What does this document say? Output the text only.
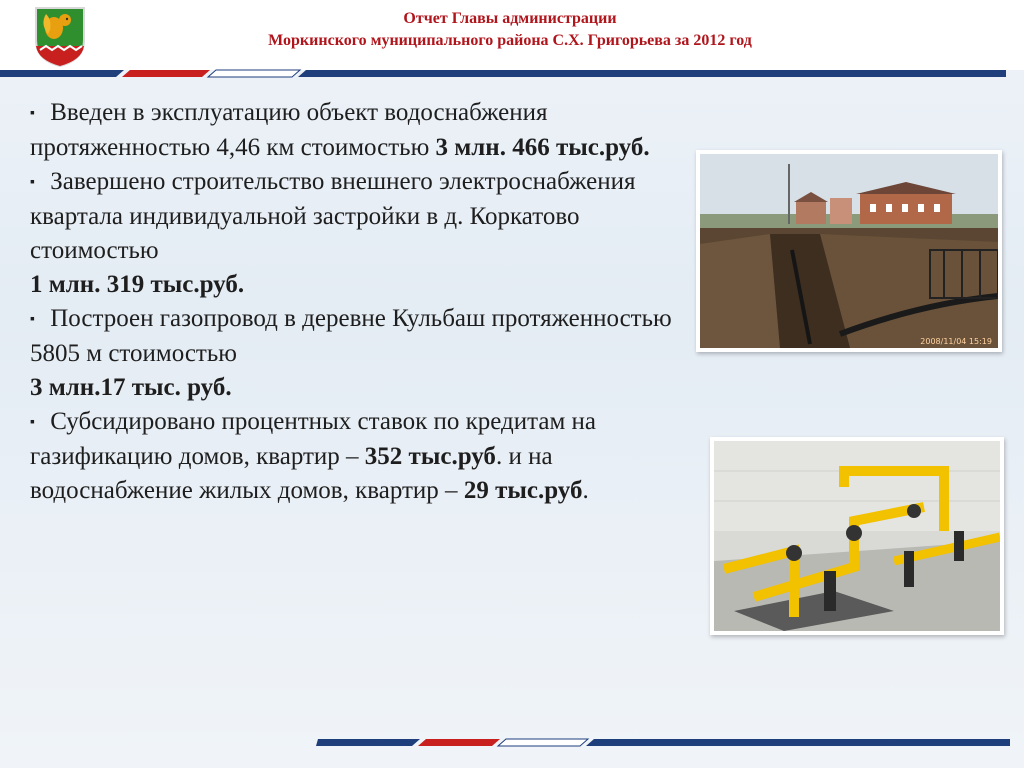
Отчет Главы администрации
Моркинского муниципального района С.Х. Григорьева за 2012 год

▪ Введен в эксплуатацию объект водоснабжения протяженностью 4,46 км стоимостью 3 млн. 466 тыс.руб.

▪ Завершено строительство внешнего электроснабжения квартала индивидуальной застройки в д. Коркатово стоимостью
1 млн. 319 тыс.руб.

▪ Построен газопровод в деревне Кульбаш протяженностью 5805 м стоимостью
3 млн.17 тыс. руб.

▪ Субсидировано процентных ставок по кредитам на газификацию домов, квартир – 352 тыс.руб. и на водоснабжение жилых домов, квартир – 29 тыс.руб.

2008/11/04 15:19
